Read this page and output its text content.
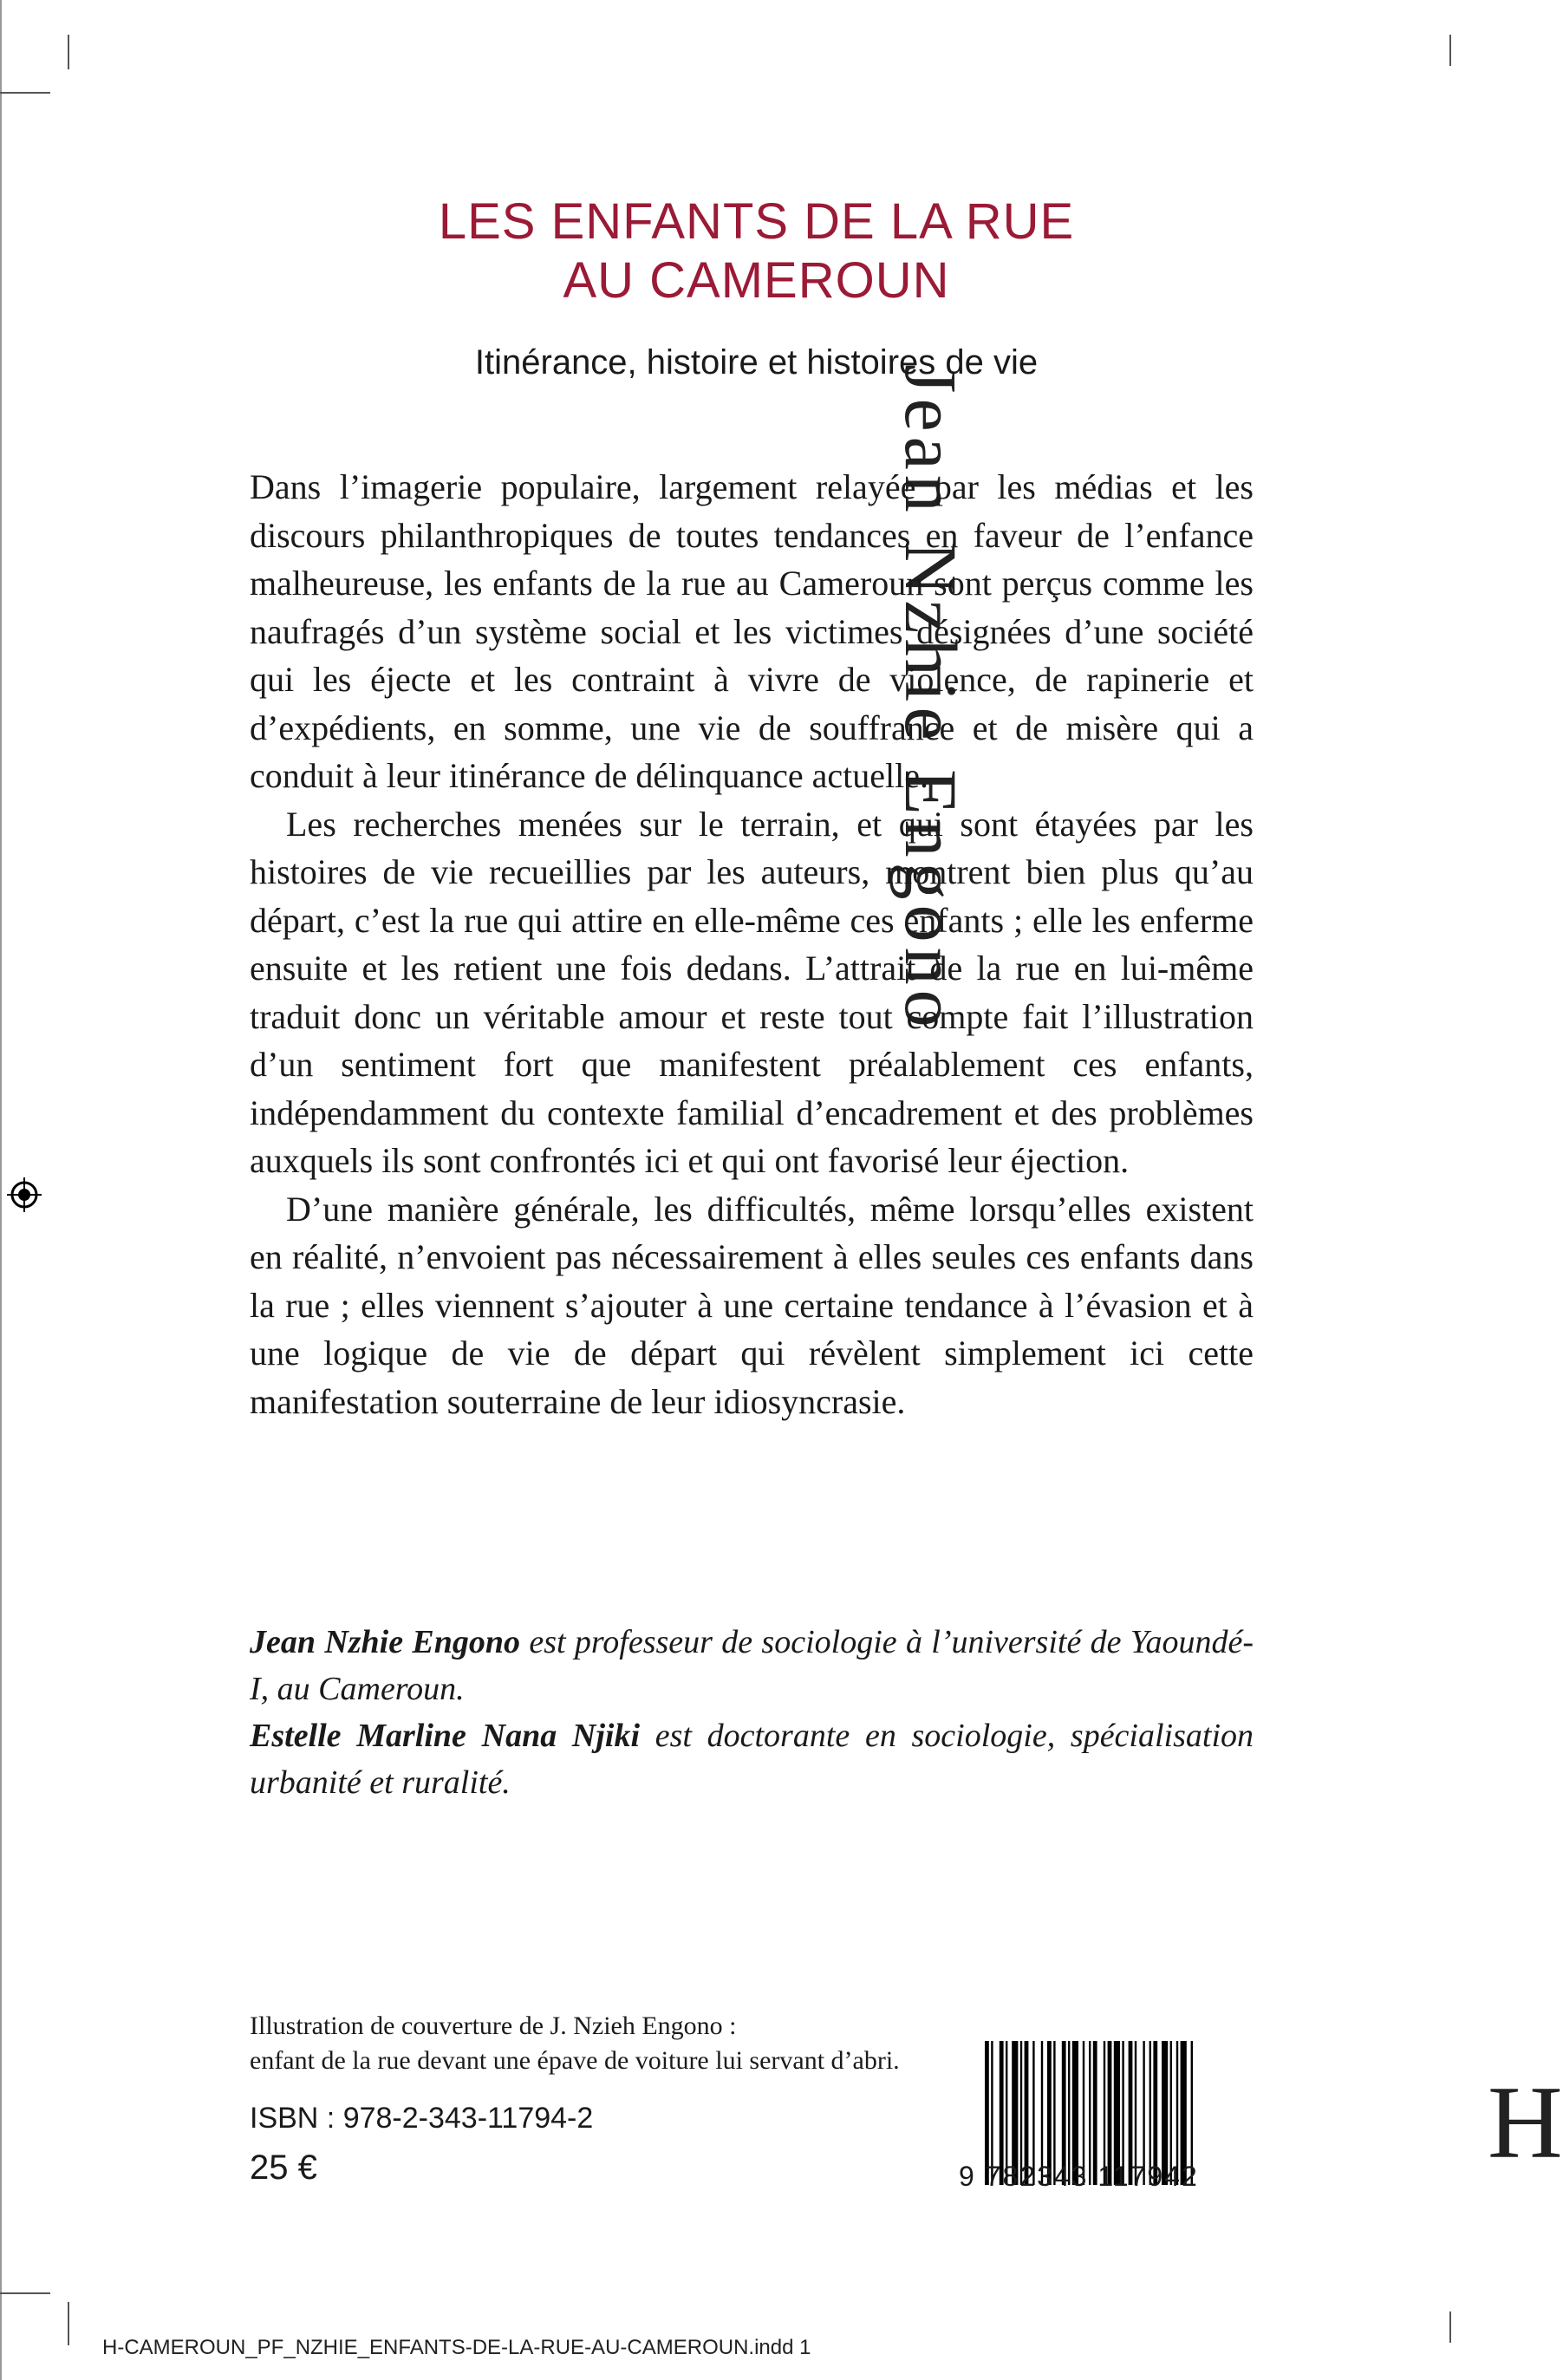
Jean Nzhie Engono
H
LES ENFANTS DE LA RUE
AU CAMEROUN
Itinérance, histoire et histoires de vie

Dans l’imagerie populaire, largement relayée par les médias et les discours philanthropiques de toutes tendances en faveur de l’enfance malheureuse, les enfants de la rue au Cameroun sont perçus comme les naufragés d’un système social et les victimes désignées d’une société qui les éjecte et les contraint à vivre de violence, de rapinerie et d’expédients, en somme, une vie de souffrance et de misère qui a conduit à leur itinérance de délinquance actuelle.

Les recherches menées sur le terrain, et qui sont étayées par les histoires de vie recueillies par les auteurs, montrent bien plus qu’au départ, c’est la rue qui attire en elle-même ces enfants ; elle les enferme ensuite et les retient une fois dedans. L’attrait de la rue en lui-même traduit donc un véritable amour et reste tout compte fait l’illustration d’un sentiment fort que manifestent préalablement ces enfants, indépendamment du contexte familial d’encadrement et des problèmes auxquels ils sont confrontés ici et qui ont favorisé leur éjection.

D’une manière générale, les difficultés, même lorsqu’elles existent en réalité, n’envoient pas nécessairement à elles seules ces enfants dans la rue ; elles viennent s’ajouter à une certaine tendance à l’évasion et à une logique de vie de départ qui révèlent simplement ici cette manifestation souterraine de leur idiosyncrasie.

Jean Nzhie Engono est professeur de sociologie à l’université de Yaoundé-I, au Cameroun.

Estelle Marline Nana Njiki est doctorante en sociologie, spécialisation urbanité et ruralité.

Illustration de couverture de J. Nzieh Engono :
enfant de la rue devant une épave de voiture lui servant d’abri.
ISBN : 978-2-343-11794-2
25 €	9 782343 117942
H-CAMEROUN_PF_NZHIE_ENFANTS-DE-LA-RUE-AU-CAMEROUN.indd 1
